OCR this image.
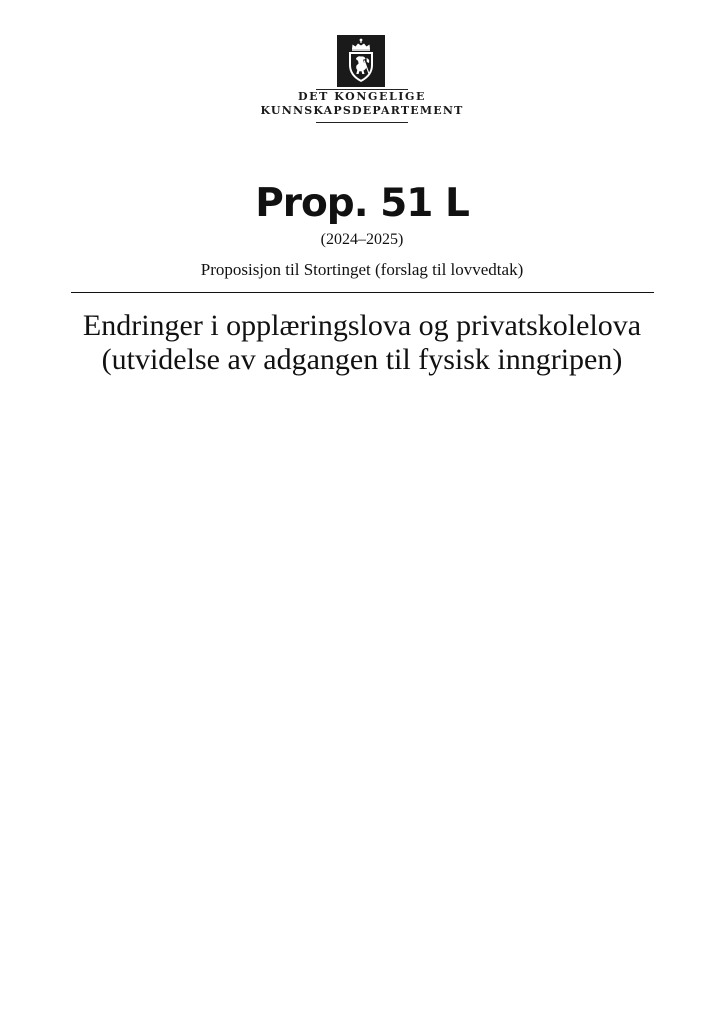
DET KONGELIGE
KUNNSKAPSDEPARTEMENT
Prop. 51 L
(2024–2025)
Proposisjon til Stortinget (forslag til lovvedtak)
Endringer i opplæringslova og privatskolelova
(utvidelse av adgangen til fysisk inngripen)
